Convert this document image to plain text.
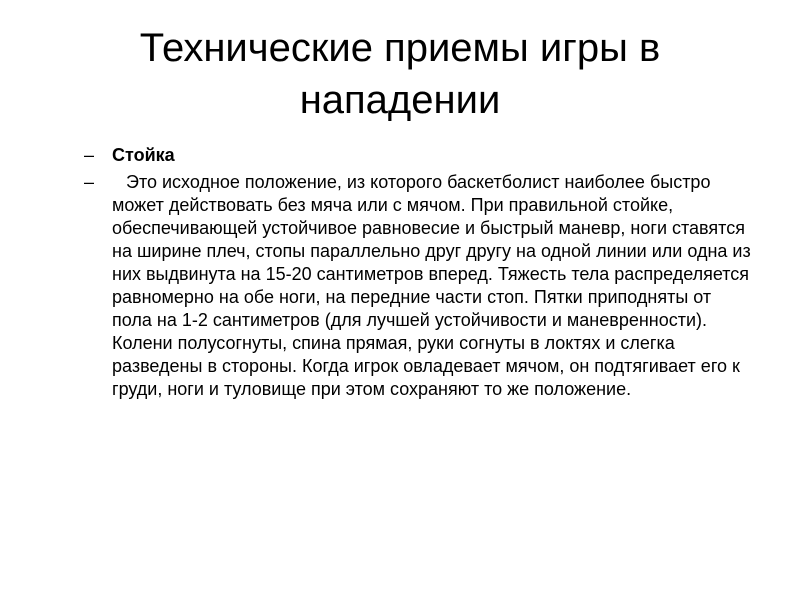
Технические приемы игры в нападении
– Стойка
– Это исходное положение, из которого баскетболист наиболее быстро может действовать без мяча или с мячом. При правильной стойке, обеспечивающей устойчивое равновесие и быстрый маневр, ноги ставятся на ширине плеч, стопы параллельно друг другу на одной линии или одна из них выдвинута на 15-20 сантиметров вперед. Тяжесть тела распределяется равномерно на обе ноги, на передние части стоп. Пятки приподняты от пола на 1-2 сантиметров (для лучшей устойчивости и маневренности). Колени полусогнуты, спина прямая, руки согнуты в локтях и слегка разведены в стороны. Когда игрок овладевает мячом, он подтягивает его к груди, ноги и туловище при этом сохраняют то же положение.
